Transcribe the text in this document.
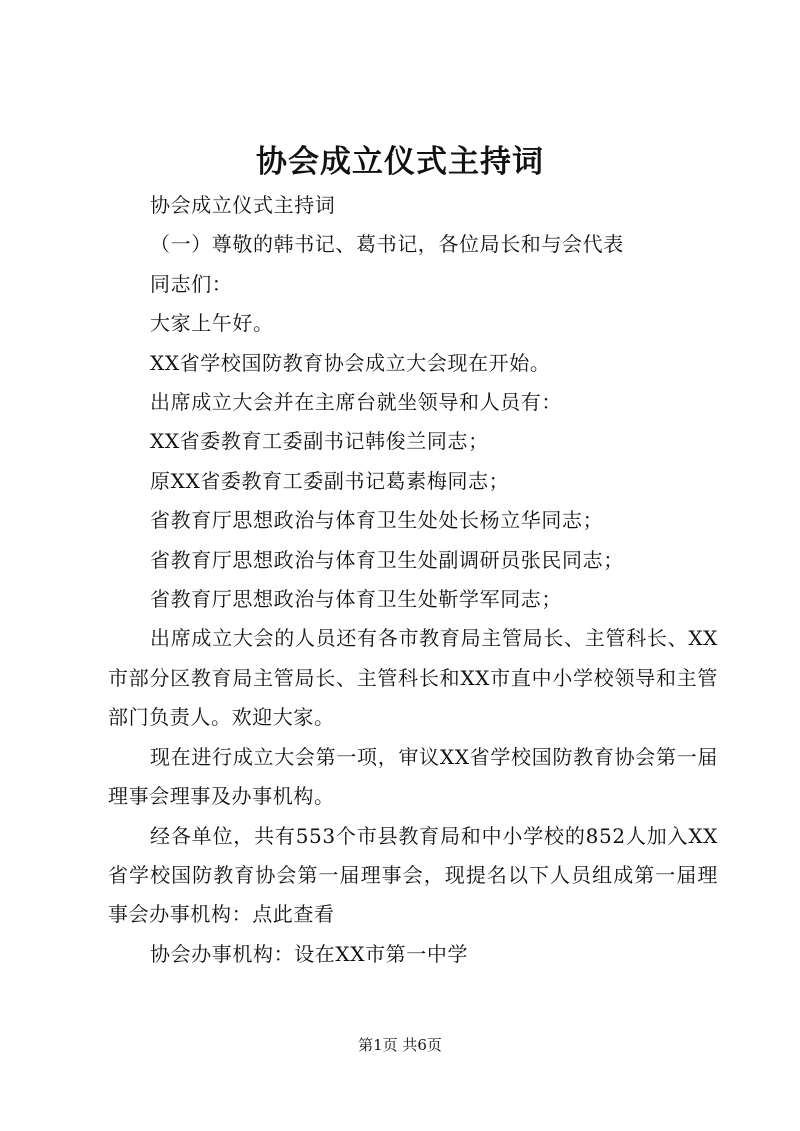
协会成立仪式主持词

协会成立仪式主持词

（一）尊敬的韩书记、葛书记，各位局长和与会代表

同志们：

大家上午好。

XX省学校国防教育协会成立大会现在开始。

出席成立大会并在主席台就坐领导和人员有：

XX省委教育工委副书记韩俊兰同志；

原XX省委教育工委副书记葛素梅同志；

省教育厅思想政治与体育卫生处处长杨立华同志；

省教育厅思想政治与体育卫生处副调研员张民同志；

省教育厅思想政治与体育卫生处靳学军同志；

出席成立大会的人员还有各市教育局主管局长、主管科长、XX市部分区教育局主管局长、主管科长和XX市直中小学校领导和主管部门负责人。欢迎大家。

现在进行成立大会第一项，审议XX省学校国防教育协会第一届理事会理事及办事机构。

经各单位，共有553个市县教育局和中小学校的852人加入XX省学校国防教育协会第一届理事会，现提名以下人员组成第一届理事会办事机构：点此查看

协会办事机构：设在XX市第一中学

第1页 共6页
